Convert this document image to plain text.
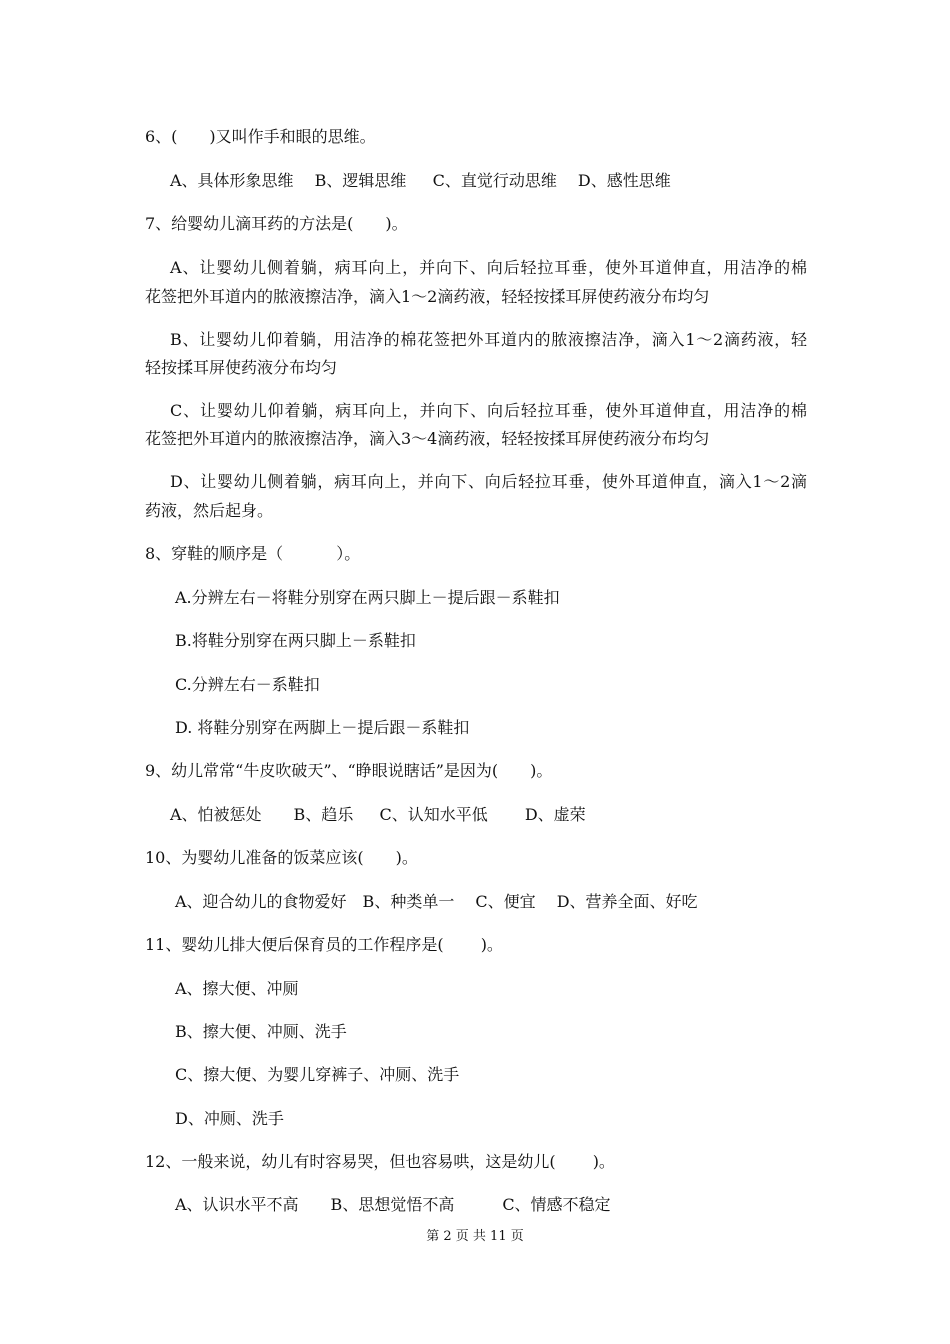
6、(　　)又叫作手和眼的思维。
A、具体形象思维　 B、逻辑思维　  C、直觉行动思维　 D、感性思维
7、给婴幼儿滴耳药的方法是(　　)。
A、让婴幼儿侧着躺，病耳向上，并向下、向后轻拉耳垂，使外耳道伸直，用洁净的棉
花签把外耳道内的脓液擦洁净，滴入1～2滴药液，轻轻按揉耳屏使药液分布均匀
B、让婴幼儿仰着躺，用洁净的棉花签把外耳道内的脓液擦洁净，滴入1～2滴药液，轻
轻按揉耳屏使药液分布均匀
C、让婴幼儿仰着躺，病耳向上，并向下、向后轻拉耳垂，使外耳道伸直，用洁净的棉
花签把外耳道内的脓液擦洁净，滴入3～4滴药液，轻轻按揉耳屏使药液分布均匀
D、让婴幼儿侧着躺，病耳向上，并向下、向后轻拉耳垂，使外耳道伸直，滴入1～2滴
药液，然后起身。
8、穿鞋的顺序是（　　　 ）。
A.分辨左右－将鞋分别穿在两只脚上－提后跟－系鞋扣
B.将鞋分别穿在两只脚上－系鞋扣
C.分辨左右－系鞋扣
D. 将鞋分别穿在两脚上－提后跟－系鞋扣
9、幼儿常常“牛皮吹破天”、“睁眼说瞎话”是因为(　　)。
A、怕被惩处　　B、趋乐　  C、认知水平低　　 D、虚荣
10、为婴幼儿准备的饭菜应该(　　)。
A、迎合幼儿的食物爱好　B、种类单一　 C、便宜　 D、营养全面、好吃
11、婴幼儿排大便后保育员的工作程序是(　　 )。
A、擦大便、冲厕
B、擦大便、冲厕、洗手
C、擦大便、为婴儿穿裤子、冲厕、洗手
D、冲厕、洗手
12、一般来说，幼儿有时容易哭，但也容易哄，这是幼儿(　　 )。
A、认识水平不高　　B、思想觉悟不高　　　C、情感不稳定
第 2 页 共 11 页
